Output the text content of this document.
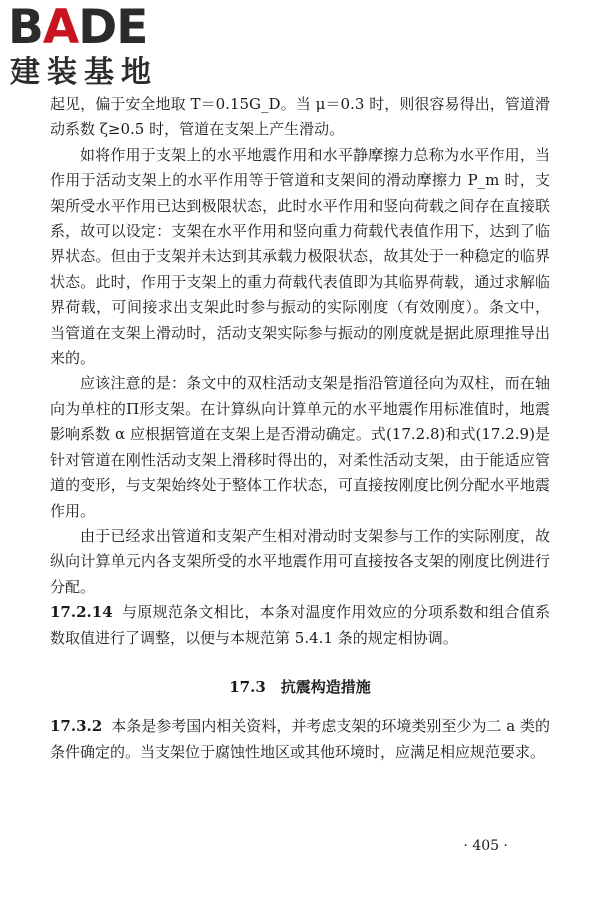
BADE
建装基地

起见，偏于安全地取 T＝0.15G_D。当 μ＝0.3 时，则很容易得出，管道滑动系数 ζ≥0.5 时，管道在支架上产生滑动。

如将作用于支架上的水平地震作用和水平静摩擦力总称为水平作用，当作用于活动支架上的水平作用等于管道和支架间的滑动摩擦力 P_m 时，支架所受水平作用已达到极限状态，此时水平作用和竖向荷载之间存在直接联系，故可以设定：支架在水平作用和竖向重力荷载代表值作用下，达到了临界状态。但由于支架并未达到其承载力极限状态，故其处于一种稳定的临界状态。此时，作用于支架上的重力荷载代表值即为其临界荷载，通过求解临界荷载，可间接求出支架此时参与振动的实际刚度（有效刚度）。条文中，当管道在支架上滑动时，活动支架实际参与振动的刚度就是据此原理推导出来的。

应该注意的是：条文中的双柱活动支架是指沿管道径向为双柱，而在轴向为单柱的Π形支架。在计算纵向计算单元的水平地震作用标准值时，地震影响系数 α 应根据管道在支架上是否滑动确定。式(17.2.8)和式(17.2.9)是针对管道在刚性活动支架上滑移时得出的，对柔性活动支架，由于能适应管道的变形，与支架始终处于整体工作状态，可直接按刚度比例分配水平地震作用。

由于已经求出管道和支架产生相对滑动时支架参与工作的实际刚度，故纵向计算单元内各支架所受的水平地震作用可直接按各支架的刚度比例进行分配。

17.2.14 与原规范条文相比，本条对温度作用效应的分项系数和组合值系数取值进行了调整，以便与本规范第 5.4.1 条的规定相协调。

17.3 抗震构造措施

17.3.2 本条是参考国内相关资料，并考虑支架的环境类别至少为二 a 类的条件确定的。当支架位于腐蚀性地区或其他环境时，应满足相应规范要求。

· 405 ·
